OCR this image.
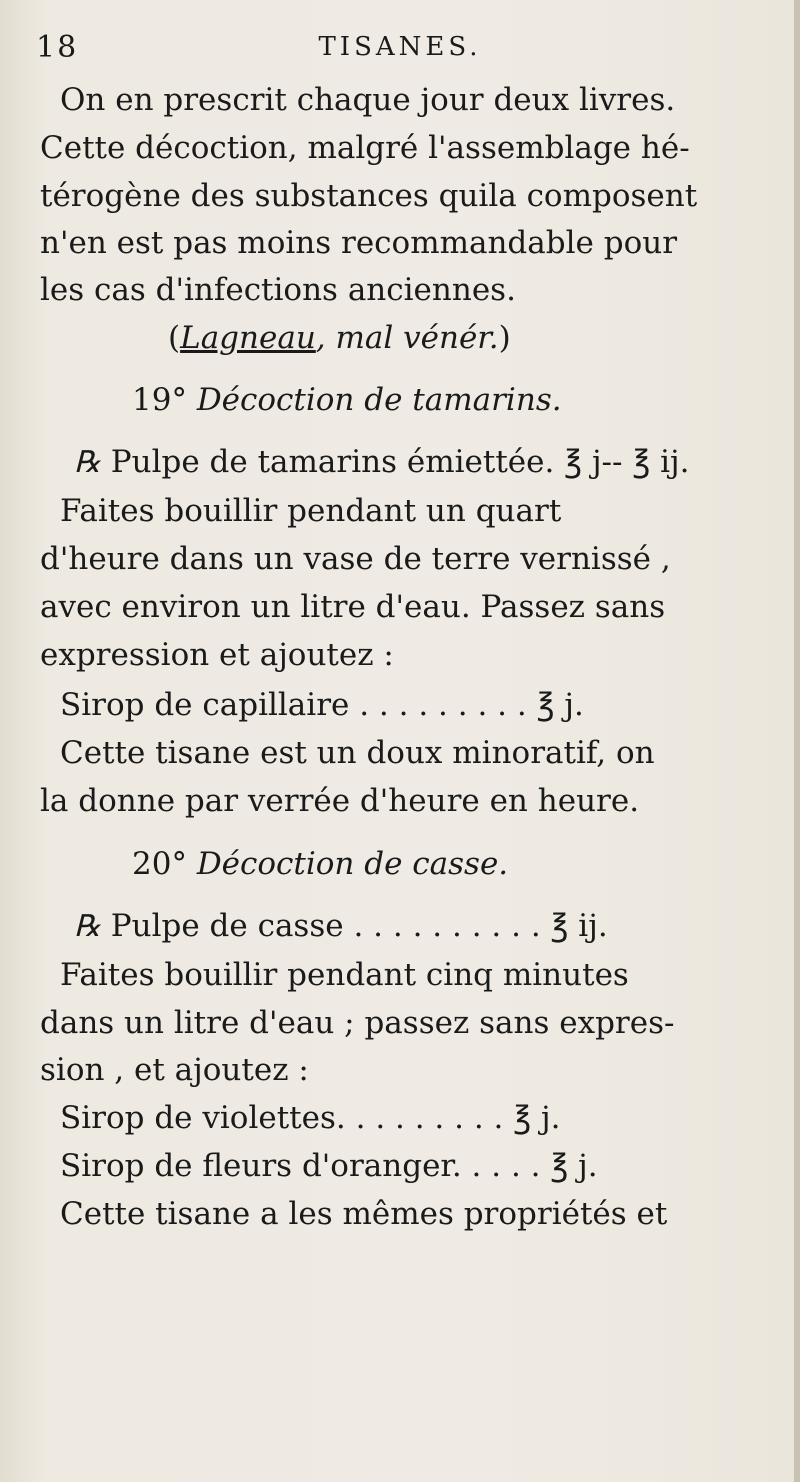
18	TISANES.
On en prescrit chaque jour deux livres.
Cette décoction, malgré l'assemblage hé-
térogène des substances quila composent
n'en est pas moins recommandable pour
les cas d'infections anciennes.
(Lagneau, mal vénér.)
19° Décoction de tamarins.
℞ Pulpe de tamarins émiettée. ℥ j-- ℥ ij.
Faites bouillir pendant un quart
d'heure dans un vase de terre vernissé ,
avec environ un litre d'eau. Passez sans
expression et ajoutez :
Sirop de capillaire . . . . . . . . . ℥ j.
Cette tisane est un doux minoratif, on
la donne par verrée d'heure en heure.
20° Décoction de casse.
℞ Pulpe de casse . . . . . . . . . . ℥ ij.
Faites bouillir pendant cinq minutes
dans un litre d'eau ; passez sans expres-
sion , et ajoutez :
Sirop de violettes. . . . . . . . . ℥ j.
Sirop de fleurs d'oranger. . . . . ℥ j.
Cette tisane a les mêmes propriétés et
